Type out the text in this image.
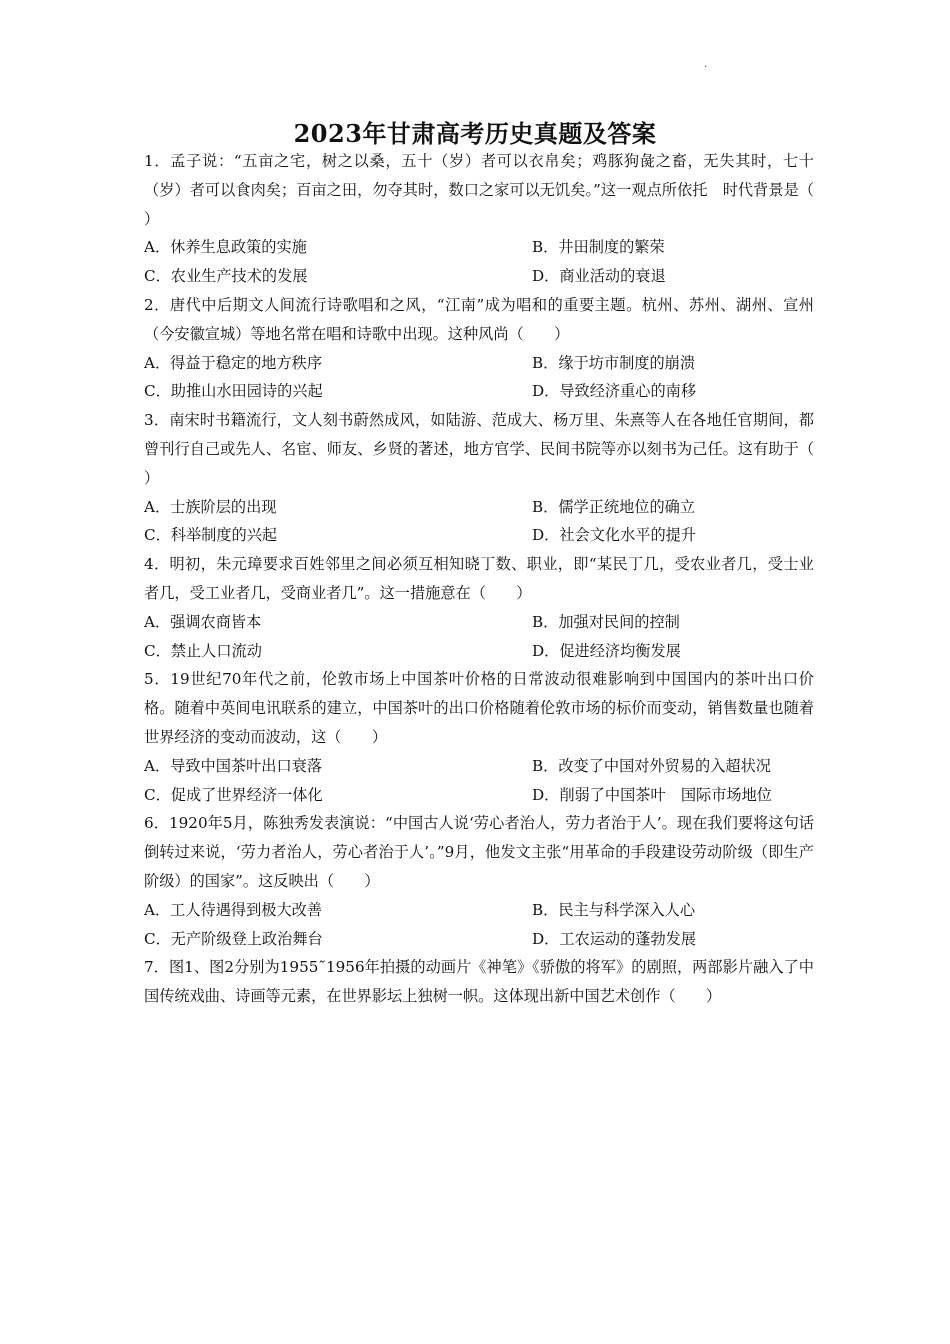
·
2023年甘肃高考历史真题及答案

1．孟子说：“五亩之宅，树之以桑，五十（岁）者可以衣帛矣；鸡豚狗彘之畜，无失其时，七十（岁）者可以食肉矣；百亩之田，勿夺其时，数口之家可以无饥矣。”这一观点所依托　时代背景是（　　）

A．休养生息政策的实施	B．井田制度的繁荣
C．农业生产技术的发展	D．商业活动的衰退

2．唐代中后期文人间流行诗歌唱和之风，“江南”成为唱和的重要主题。杭州、苏州、湖州、宣州（今安徽宣城）等地名常在唱和诗歌中出现。这种风尚（　　）

A．得益于稳定的地方秩序	B．缘于坊市制度的崩溃
C．助推山水田园诗的兴起	D．导致经济重心的南移

3．南宋时书籍流行，文人刻书蔚然成风，如陆游、范成大、杨万里、朱熹等人在各地任官期间，都曾刊行自己或先人、名宦、师友、乡贤的著述，地方官学、民间书院等亦以刻书为己任。这有助于（　　）

A．士族阶层的出现	B．儒学正统地位的确立
C．科举制度的兴起	D．社会文化水平的提升

4．明初，朱元璋要求百姓邻里之间必须互相知晓丁数、职业，即“某民丁几，受农业者几，受士业者几，受工业者几，受商业者几”。这一措施意在（　　）

A．强调农商皆本	B．加强对民间的控制
C．禁止人口流动	D．促进经济均衡发展

5．19世纪70年代之前，伦敦市场上中国茶叶价格的日常波动很难影响到中国国内的茶叶出口价格。随着中英间电讯联系的建立，中国茶叶的出口价格随着伦敦市场的标价而变动，销售数量也随着世界经济的变动而波动，这（　　）

A．导致中国茶叶出口衰落	B．改变了中国对外贸易的入超状况
C．促成了世界经济一体化	D．削弱了中国茶叶　国际市场地位

6．1920年5月，陈独秀发表演说：“中国古人说‘劳心者治人，劳力者治于人’。现在我们要将这句话倒转过来说，‘劳力者治人，劳心者治于人’。”9月，他发文主张“用革命的手段建设劳动阶级（即生产阶级）的国家”。这反映出（　　）

A．工人待遇得到极大改善	B．民主与科学深入人心
C．无产阶级登上政治舞台	D．工农运动的蓬勃发展

7．图1、图2分别为1955˜1956年拍摄的动画片《神笔》《骄傲的将军》的剧照，两部影片融入了中国传统戏曲、诗画等元素，在世界影坛上独树一帜。这体现出新中国艺术创作（　　）
